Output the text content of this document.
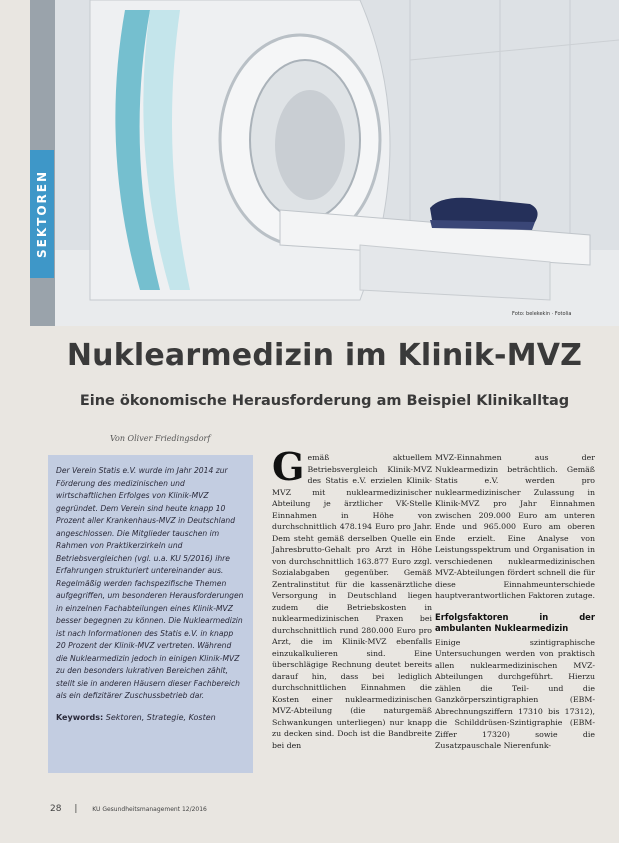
SEKTOREN
Foto: belekekin · Fotolia
Nuklearmedizin im Klinik-MVZ
Eine ökonomische Herausforderung am Beispiel Klinikalltag
Von Oliver Friedingsdorf

Der Verein Statis e.V. wurde im Jahr 2014 zur Förderung des medizinischen und wirtschaftlichen Erfolges von Klinik-MVZ gegründet. Dem Verein sind heute knapp 10 Prozent aller Krankenhaus-MVZ in Deutschland angeschlossen. Die Mitglieder tauschen im Rahmen von Praktikerzirkeln und Betriebsvergleichen (vgl. u.a. KU 5/2016) ihre Erfahrungen strukturiert untereinander aus. Regelmäßig werden fachspezifische Themen aufgegriffen, um besonderen Herausforderungen in einzelnen Fachabteilungen eines Klinik-MVZ besser begegnen zu können. Die Nuklearmedizin ist nach Informationen des Statis e.V. in knapp 20 Prozent der Klinik-MVZ vertreten. Während die Nuklearmedizin jedoch in einigen Klinik-MVZ zu den besonders lukrativen Bereichen zählt, stellt sie in anderen Häusern dieser Fachbereich als ein defizitärer Zuschussbetrieb dar.

Keywords: Sektoren, Strategie, Kosten
G emäß aktuellem Betriebsvergleich Klinik-MVZ des Statis e.V. erzielen Klinik-MVZ mit nuklearmedizinischer Abteilung je ärztlicher VK-Stelle Einnahmen in Höhe von durchschnittlich 478.194 Euro pro Jahr. Dem steht gemäß derselben Quelle ein Jahresbrutto-Gehalt pro Arzt in Höhe von durchschnittlich 163.877 Euro zzgl. Sozialabgaben gegenüber. Gemäß Zentralinstitut für die kassenärztliche Versorgung in Deutschland liegen zudem die Betriebskosten in nuklearmedizinischen Praxen bei durchschnittlich rund 280.000 Euro pro Arzt, die im Klinik-MVZ ebenfalls einzukalkulieren sind. Eine überschlägige Rechnung deutet bereits darauf hin, dass bei lediglich durchschnittlichen Einnahmen die Kosten einer nuklearmedizinischen MVZ-Abteilung (die naturgemäß Schwankungen unterliegen) nur knapp zu decken sind. Doch ist die Bandbreite bei den

MVZ-Einnahmen aus der Nuklearmedizin beträchtlich. Gemäß Statis e.V. werden pro nuklearmedizinischer Zulassung in Klinik-MVZ pro Jahr Einnahmen zwischen 209.000 Euro am unteren Ende und 965.000 Euro am oberen Ende erzielt. Eine Analyse von Leistungsspektrum und Organisation in verschiedenen nuklearmedizinischen MVZ-Abteilungen fördert schnell die für diese Einnahmeunterschiede hauptverantwortlichen Faktoren zutage.

Erfolgsfaktoren in der ambulanten Nuklearmedizin

Einige szintigraphische Untersuchungen werden von praktisch allen nuklearmedizinischen MVZ-Abteilungen durchgeführt. Hierzu zählen die Teil- und die Ganzkörperszintigraphien (EBM-Abrechnungsziffern 17310 bis 17312), die Schilddrüsen-Szintigraphie (EBM-Ziffer 17320) sowie die Zusatzpauschale Nierenfunk-

28 | KU Gesundheitsmanagement 12/2016
